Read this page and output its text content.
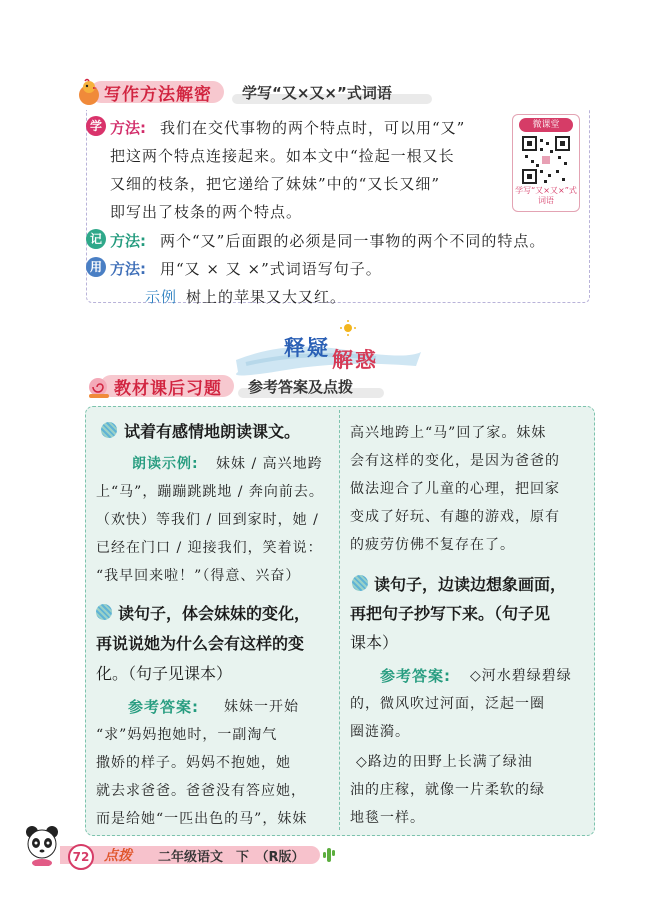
写作方法解密 学写“又×又×”式词语
学 方法: 我们在交代事物的两个特点时，可以用“又”
把这两个特点连接起来。如本文中“捡起一根又长
又细的枝条，把它递给了妹妹”中的“又长又细”
即写出了枝条的两个特点。
微课堂
学写“又×又×”式词语
记 方法: 两个“又”后面跟的必须是同一事物的两个不同的特点。
用 方法: 用“又 × 又 ×”式词语写句子。
示例 树上的苹果又大又红。
释疑 解惑
教材课后习题 参考答案及点拨
试着有感情地朗读课文。
朗读示例: 妹妹 / 高兴地跨
上“马”，蹦蹦跳跳地 / 奔向前去。
（欢快）等我们 / 回到家时，她 /
已经在门口 / 迎接我们，笑着说：
“我早回来啦！”（得意、兴奋）
读句子，体会妹妹的变化，
再说说她为什么会有这样的变
化。（句子见课本）
参考答案: 妹妹一开始
“求”妈妈抱她时，一副淘气
撒娇的样子。妈妈不抱她，她
就去求爸爸。爸爸没有答应她，
而是给她“一匹出色的马”，妹妹
高兴地跨上“马”回了家。妹妹
会有这样的变化，是因为爸爸的
做法迎合了儿童的心理，把回家
变成了好玩、有趣的游戏，原有
的疲劳仿佛不复存在了。
读句子，边读边想象画面，
再把句子抄写下来。（句子见
课本）
参考答案: ◇河水碧绿碧绿
的，微风吹过河面，泛起一圈
圈涟漪。
◇路边的田野上长满了绿油
油的庄稼，就像一片柔软的绿
地毯一样。
72	点拨 二年级语文　下　（R版）
